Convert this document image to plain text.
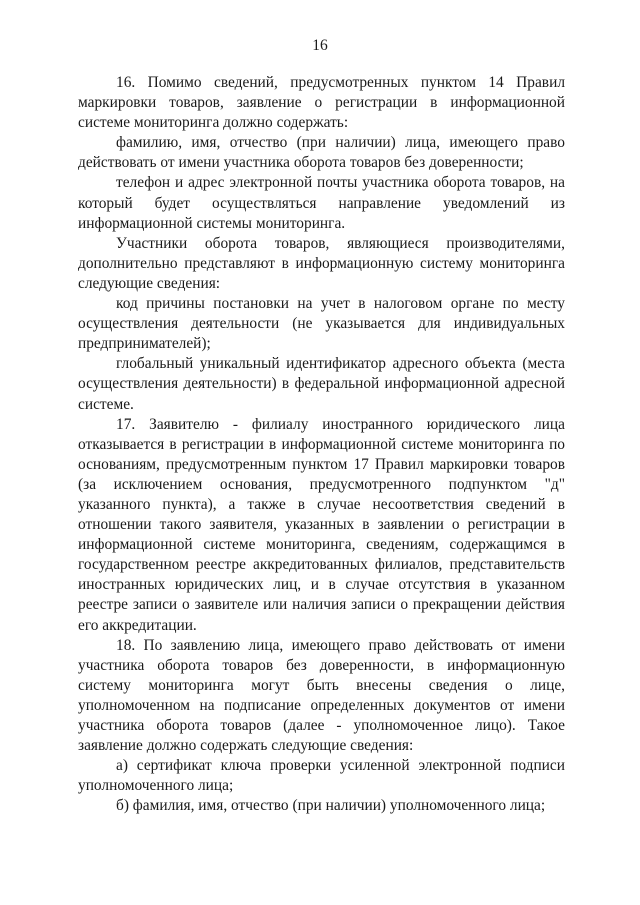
16

16. Помимо сведений, предусмотренных пунктом 14 Правил маркировки товаров, заявление о регистрации в информационной системе мониторинга должно содержать:

фамилию, имя, отчество (при наличии) лица, имеющего право действовать от имени участника оборота товаров без доверенности;

телефон и адрес электронной почты участника оборота товаров, на который будет осуществляться направление уведомлений из информационной системы мониторинга.

Участники оборота товаров, являющиеся производителями, дополнительно представляют в информационную систему мониторинга следующие сведения:

код причины постановки на учет в налоговом органе по месту осуществления деятельности (не указывается для индивидуальных предпринимателей);

глобальный уникальный идентификатор адресного объекта (места осуществления деятельности) в федеральной информационной адресной системе.

17. Заявителю - филиалу иностранного юридического лица отказывается в регистрации в информационной системе мониторинга по основаниям, предусмотренным пунктом 17 Правил маркировки товаров (за исключением основания, предусмотренного подпунктом "д" указанного пункта), а также в случае несоответствия сведений в отношении такого заявителя, указанных в заявлении о регистрации в информационной системе мониторинга, сведениям, содержащимся в государственном реестре аккредитованных филиалов, представительств иностранных юридических лиц, и в случае отсутствия в указанном реестре записи о заявителе или наличия записи о прекращении действия его аккредитации.

18. По заявлению лица, имеющего право действовать от имени участника оборота товаров без доверенности, в информационную систему мониторинга могут быть внесены сведения о лице, уполномоченном на подписание определенных документов от имени участника оборота товаров (далее - уполномоченное лицо). Такое заявление должно содержать следующие сведения:

а) сертификат ключа проверки усиленной электронной подписи уполномоченного лица;

б) фамилия, имя, отчество (при наличии) уполномоченного лица;
